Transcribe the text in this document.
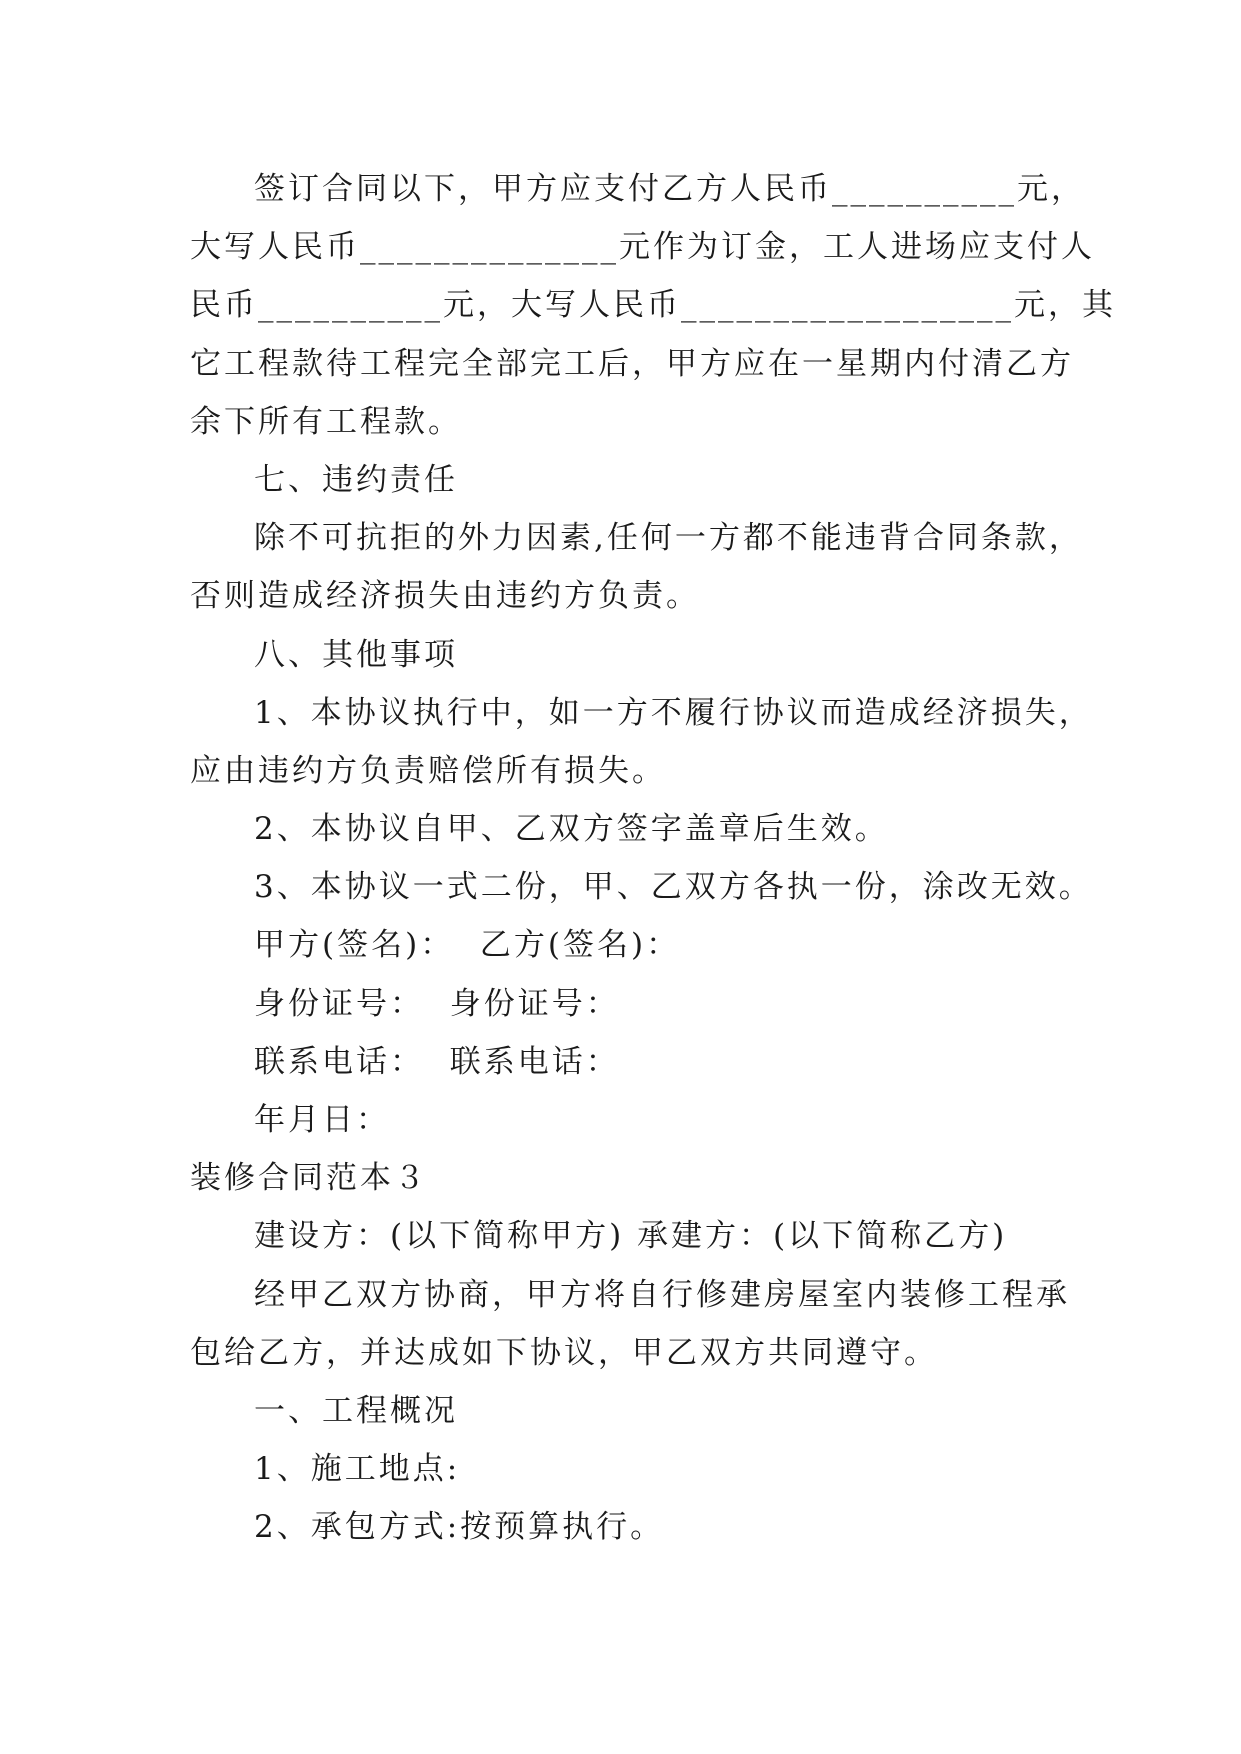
签订合同以下，甲方应支付乙方人民币__________元，

大写人民币______________元作为订金，工人进场应支付人

民币__________元，大写人民币__________________元，其

它工程款待工程完全部完工后，甲方应在一星期内付清乙方

余下所有工程款。

七、违约责任

除不可抗拒的外力因素,任何一方都不能违背合同条款，

否则造成经济损失由违约方负责。

八、其他事项

1、本协议执行中，如一方不履行协议而造成经济损失，

应由违约方负责赔偿所有损失。

2、本协议自甲、乙双方签字盖章后生效。

3、本协议一式二份，甲、乙双方各执一份，涂改无效。

甲方(签名)：  乙方(签名)：

身份证号：  身份证号：

联系电话：  联系电话：

年月日：

装修合同范本３

建设方：(以下简称甲方) 承建方：(以下简称乙方)

经甲乙双方协商，甲方将自行修建房屋室内装修工程承

包给乙方，并达成如下协议，甲乙双方共同遵守。

一、工程概况

1、施工地点:

2、承包方式:按预算执行。
